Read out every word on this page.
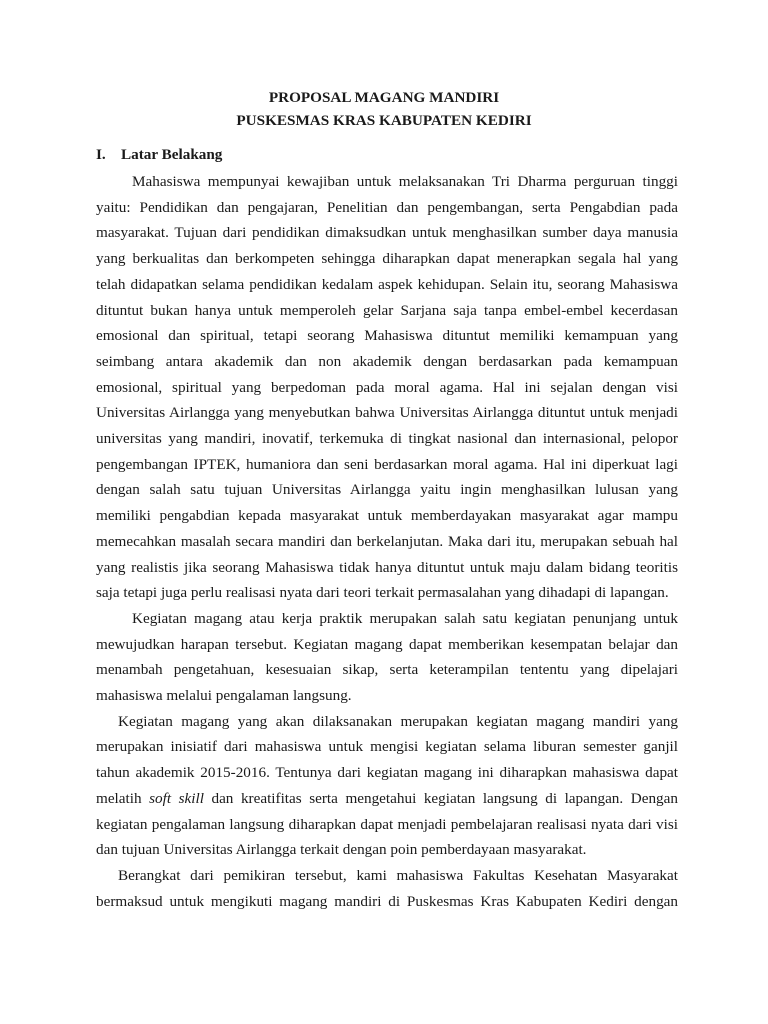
PROPOSAL MAGANG MANDIRI
PUSKESMAS KRAS KABUPATEN KEDIRI
I. Latar Belakang

Mahasiswa mempunyai kewajiban untuk melaksanakan Tri Dharma perguruan tinggi yaitu: Pendidikan dan pengajaran, Penelitian dan pengembangan, serta Pengabdian pada masyarakat. Tujuan dari pendidikan dimaksudkan untuk menghasilkan sumber daya manusia yang berkualitas dan berkompeten sehingga diharapkan dapat menerapkan segala hal yang telah didapatkan selama pendidikan kedalam aspek kehidupan. Selain itu, seorang Mahasiswa dituntut bukan hanya untuk memperoleh gelar Sarjana saja tanpa embel-embel kecerdasan emosional dan spiritual, tetapi seorang Mahasiswa dituntut memiliki kemampuan yang seimbang antara akademik dan non akademik dengan berdasarkan pada kemampuan emosional, spiritual yang berpedoman pada moral agama. Hal ini sejalan dengan visi Universitas Airlangga yang menyebutkan bahwa Universitas Airlangga dituntut untuk menjadi universitas yang mandiri, inovatif, terkemuka di tingkat nasional dan internasional, pelopor pengembangan IPTEK, humaniora dan seni berdasarkan moral agama. Hal ini diperkuat lagi dengan salah satu tujuan Universitas Airlangga yaitu ingin menghasilkan lulusan yang memiliki pengabdian kepada masyarakat untuk memberdayakan masyarakat agar mampu memecahkan masalah secara mandiri dan berkelanjutan. Maka dari itu, merupakan sebuah hal yang realistis jika seorang Mahasiswa tidak hanya dituntut untuk maju dalam bidang teoritis saja tetapi juga perlu realisasi nyata dari teori terkait permasalahan yang dihadapi di lapangan.

Kegiatan magang atau kerja praktik merupakan salah satu kegiatan penunjang untuk mewujudkan harapan tersebut. Kegiatan magang dapat memberikan kesempatan belajar dan menambah pengetahuan, kesesuaian sikap, serta keterampilan tententu yang dipelajari mahasiswa melalui pengalaman langsung.

Kegiatan magang yang akan dilaksanakan merupakan kegiatan magang mandiri yang merupakan inisiatif dari mahasiswa untuk mengisi kegiatan selama liburan semester ganjil tahun akademik 2015-2016. Tentunya dari kegiatan magang ini diharapkan mahasiswa dapat melatih soft skill dan kreatifitas serta mengetahui kegiatan langsung di lapangan. Dengan kegiatan pengalaman langsung diharapkan dapat menjadi pembelajaran realisasi nyata dari visi dan tujuan Universitas Airlangga terkait dengan poin pemberdayaan masyarakat.

Berangkat dari pemikiran tersebut, kami mahasiswa Fakultas Kesehatan Masyarakat bermaksud untuk mengikuti magang mandiri di Puskesmas Kras Kabupaten Kediri dengan
